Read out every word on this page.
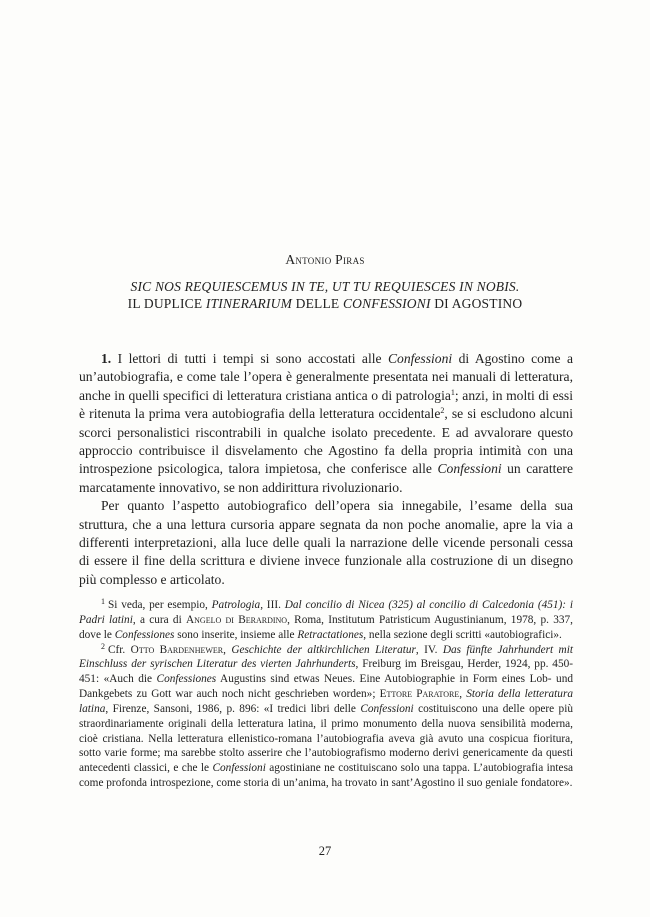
Antonio Piras
SIC NOS REQUIESCEMUS IN TE, UT TU REQUIESCES IN NOBIS.
IL DUPLICE ITINERARIUM DELLE CONFESSIONI DI AGOSTINO

1. I lettori di tutti i tempi si sono accostati alle Confessioni di Agostino come a un’autobiografia, e come tale l’opera è generalmente presentata nei manuali di letteratura, anche in quelli specifici di letteratura cristiana antica o di patrologia$^1$; anzi, in molti di essi è ritenuta la prima vera autobiografia della letteratura occidentale$^2$, se si escludono alcuni scorci personalistici riscontrabili in qualche isolato precedente. E ad avvalorare questo approccio contribuisce il disvelamento che Agostino fa della propria intimità con una introspezione psicologica, talora impietosa, che conferisce alle Confessioni un carattere marcatamente innovativo, se non addirittura rivoluzionario.

Per quanto l’aspetto autobiografico dell’opera sia innegabile, l’esame della sua struttura, che a una lettura cursoria appare segnata da non poche anomalie, apre la via a differenti interpretazioni, alla luce delle quali la narrazione delle vicende personali cessa di essere il fine della scrittura e diviene invece funzionale alla costruzione di un disegno più complesso e articolato.

$^1$ Si veda, per esempio, Patrologia, III. Dal concilio di Nicea (325) al concilio di Calcedonia (451): i Padri latini, a cura di Angelo di Berardino, Roma, Institutum Patristicum Augustinianum, 1978, p. 337, dove le Confessiones sono inserite, insieme alle Retractationes, nella sezione degli scritti «autobiografici».

$^2$ Cfr. Otto Bardenhewer, Geschichte der altkirchlichen Literatur, IV. Das fünfte Jahrhundert mit Einschluss der syrischen Literatur des vierten Jahrhunderts, Freiburg im Breisgau, Herder, 1924, pp. 450-451: «Auch die Confessiones Augustins sind etwas Neues. Eine Autobiographie in Form eines Lob- und Dankgebets zu Gott war auch noch nicht geschrieben worden»; Ettore Paratore, Storia della letteratura latina, Firenze, Sansoni, 1986, p. 896: «I tredici libri delle Confessioni costituiscono una delle opere più straordinariamente originali della letteratura latina, il primo monumento della nuova sensibilità moderna, cioè cristiana. Nella letteratura ellenistico-romana l’autobiografia aveva già avuto una cospicua fioritura, sotto varie forme; ma sarebbe stolto asserire che l’autobiografismo moderno derivi genericamente da questi antecedenti classici, e che le Confessioni agostiniane ne costituiscano solo una tappa. L’autobiografia intesa come profonda introspezione, come storia di un’anima, ha trovato in sant’Agostino il suo geniale fondatore».

27
